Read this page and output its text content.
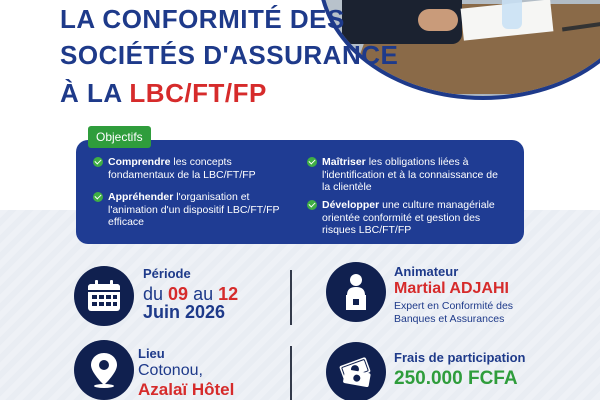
LA CONFORMITÉ DES
SOCIÉTÉS D'ASSURANCE
À LA LBC/FT/FP
Objectifs
Comprendre les concepts fondamentaux de la LBC/FT/FP
Appréhender l'organisation et l'animation d'un dispositif LBC/FT/FP efficace
Maîtriser les obligations liées à l'identification et à la connaissance de la clientèle
Développer une culture managériale orientée conformité et gestion des risques LBC/FT/FP
Période
du 09 au 12
Juin 2026
Animateur
Martial ADJAHI
Expert en Conformité des
Banques et Assurances
Lieu
Cotonou,
Azalaï Hôtel
Frais de participation
250.000 FCFA
